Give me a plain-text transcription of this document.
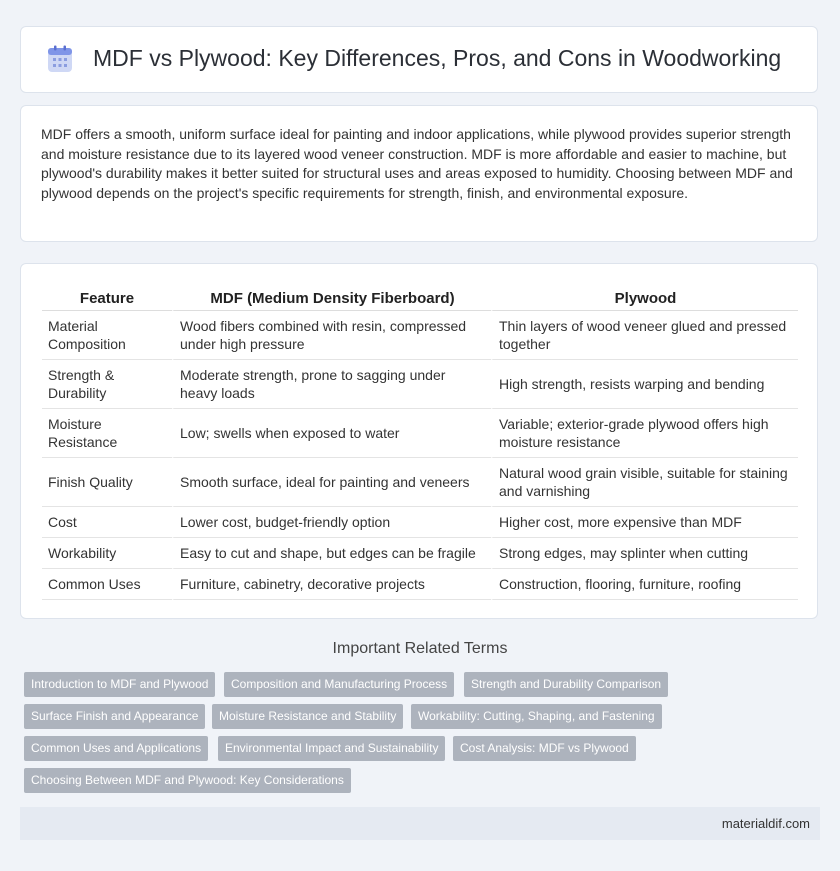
MDF vs Plywood: Key Differences, Pros, and Cons in Woodworking
MDF offers a smooth, uniform surface ideal for painting and indoor applications, while plywood provides superior strength and moisture resistance due to its layered wood veneer construction. MDF is more affordable and easier to machine, but plywood's durability makes it better suited for structural uses and areas exposed to humidity. Choosing between MDF and plywood depends on the project's specific requirements for strength, finish, and environmental exposure.
Feature	MDF (Medium Density Fiberboard)	Plywood
Material Composition	Wood fibers combined with resin, compressed under high pressure	Thin layers of wood veneer glued and pressed together
Strength & Durability	Moderate strength, prone to sagging under heavy loads	High strength, resists warping and bending
Moisture Resistance	Low; swells when exposed to water	Variable; exterior-grade plywood offers high moisture resistance
Finish Quality	Smooth surface, ideal for painting and veneers	Natural wood grain visible, suitable for staining and varnishing
Cost	Lower cost, budget-friendly option	Higher cost, more expensive than MDF
Workability	Easy to cut and shape, but edges can be fragile	Strong edges, may splinter when cutting
Common Uses	Furniture, cabinetry, decorative projects	Construction, flooring, furniture, roofing
Important Related Terms
Introduction to MDF and Plywood	Composition and Manufacturing Process	Strength and Durability Comparison
Surface Finish and Appearance	Moisture Resistance and Stability	Workability: Cutting, Shaping, and Fastening
Common Uses and Applications	Environmental Impact and Sustainability	Cost Analysis: MDF vs Plywood
Choosing Between MDF and Plywood: Key Considerations
materialdif.com
